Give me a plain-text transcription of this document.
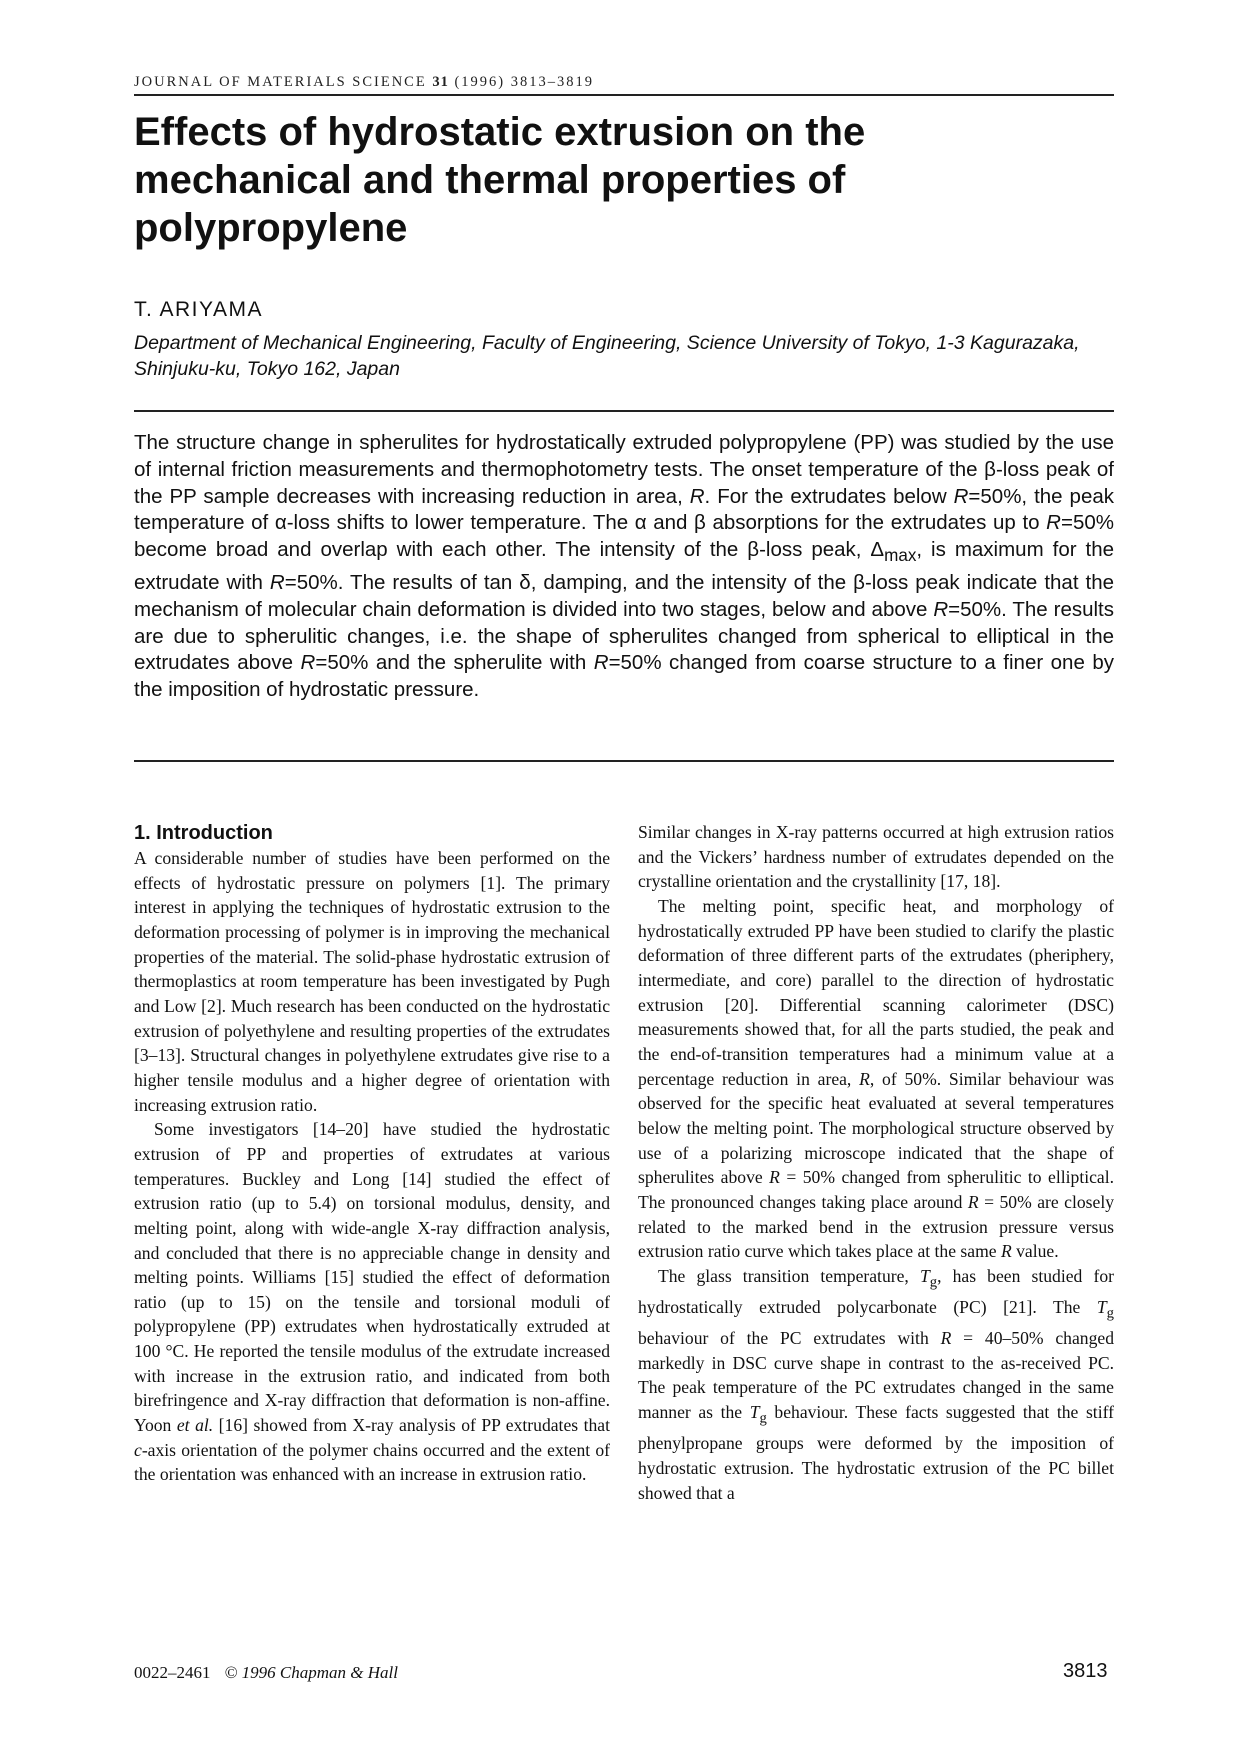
JOURNAL OF MATERIALS SCIENCE 31 (1996) 3813–3819
Effects of hydrostatic extrusion on the mechanical and thermal properties of polypropylene
T. ARIYAMA
Department of Mechanical Engineering, Faculty of Engineering, Science University of Tokyo, 1-3 Kagurazaka, Shinjuku-ku, Tokyo 162, Japan

The structure change in spherulites for hydrostatically extruded polypropylene (PP) was studied by the use of internal friction measurements and thermophotometry tests. The onset temperature of the β-loss peak of the PP sample decreases with increasing reduction in area, R. For the extrudates below R=50%, the peak temperature of α-loss shifts to lower temperature. The α and β absorptions for the extrudates up to R=50% become broad and overlap with each other. The intensity of the β-loss peak, $\Delta_{max}$, is maximum for the extrudate with R=50%. The results of tan δ, damping, and the intensity of the β-loss peak indicate that the mechanism of molecular chain deformation is divided into two stages, below and above R=50%. The results are due to spherulitic changes, i.e. the shape of spherulites changed from spherical to elliptical in the extrudates above R=50% and the spherulite with R=50% changed from coarse structure to a finer one by the imposition of hydrostatic pressure.

1. Introduction

A considerable number of studies have been performed on the effects of hydrostatic pressure on polymers [1]. The primary interest in applying the techniques of hydrostatic extrusion to the deformation processing of polymer is in improving the mechanical properties of the material. The solid-phase hydrostatic extrusion of thermoplastics at room temperature has been investigated by Pugh and Low [2]. Much research has been conducted on the hydrostatic extrusion of polyethylene and resulting properties of the extrudates [3–13]. Structural changes in polyethylene extrudates give rise to a higher tensile modulus and a higher degree of orientation with increasing extrusion ratio.

Some investigators [14–20] have studied the hydrostatic extrusion of PP and properties of extrudates at various temperatures. Buckley and Long [14] studied the effect of extrusion ratio (up to 5.4) on torsional modulus, density, and melting point, along with wide-angle X-ray diffraction analysis, and concluded that there is no appreciable change in density and melting points. Williams [15] studied the effect of deformation ratio (up to 15) on the tensile and torsional moduli of polypropylene (PP) extrudates when hydrostatically extruded at 100 °C. He reported the tensile modulus of the extrudate increased with increase in the extrusion ratio, and indicated from both birefringence and X-ray diffraction that deformation is non-affine. Yoon et al. [16] showed from X-ray analysis of PP extrudates that c-axis orientation of the polymer chains occurred and the extent of the orientation was enhanced with an increase in extrusion ratio.

Similar changes in X-ray patterns occurred at high extrusion ratios and the Vickers’ hardness number of extrudates depended on the crystalline orientation and the crystallinity [17, 18].

The melting point, specific heat, and morphology of hydrostatically extruded PP have been studied to clarify the plastic deformation of three different parts of the extrudates (pheriphery, intermediate, and core) parallel to the direction of hydrostatic extrusion [20]. Differential scanning calorimeter (DSC) measurements showed that, for all the parts studied, the peak and the end-of-transition temperatures had a minimum value at a percentage reduction in area, R, of 50%. Similar behaviour was observed for the specific heat evaluated at several temperatures below the melting point. The morphological structure observed by use of a polarizing microscope indicated that the shape of spherulites above R = 50% changed from spherulitic to elliptical. The pronounced changes taking place around R = 50% are closely related to the marked bend in the extrusion pressure versus extrusion ratio curve which takes place at the same R value.

The glass transition temperature, $T_g$, has been studied for hydrostatically extruded polycarbonate (PC) [21]. The $T_g$ behaviour of the PC extrudates with R = 40–50% changed markedly in DSC curve shape in contrast to the as-received PC. The peak temperature of the PC extrudates changed in the same manner as the $T_g$ behaviour. These facts suggested that the stiff phenylpropane groups were deformed by the imposition of hydrostatic extrusion. The hydrostatic extrusion of the PC billet showed that a

0022–2461 © 1996 Chapman & Hall	3813
